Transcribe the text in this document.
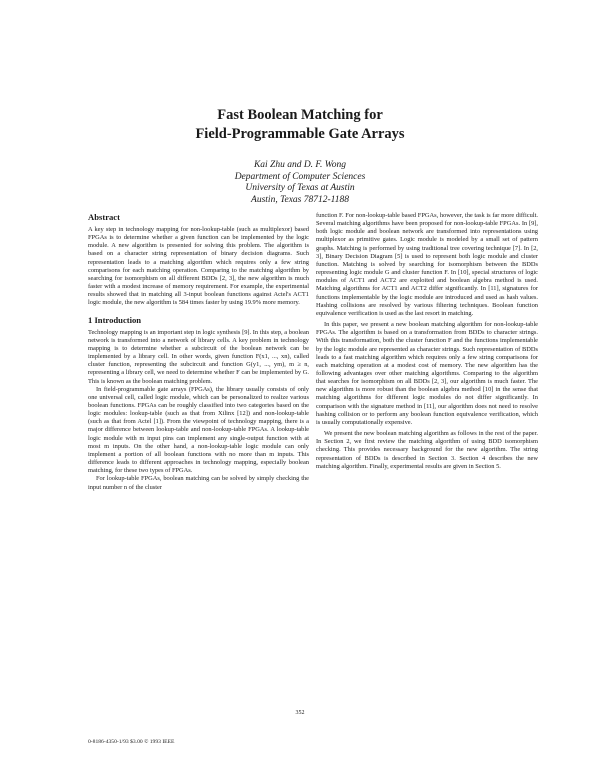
Fast Boolean Matching for
Field-Programmable Gate Arrays
Kai Zhu and D. F. Wong
Department of Computer Sciences
University of Texas at Austin
Austin, Texas 78712-1188
Abstract

A key step in technology mapping for non-lookup-table (such as multiplexor) based FPGAs is to determine whether a given function can be implemented by the logic module. A new algorithm is presented for solving this problem. The algorithm is based on a character string representation of binary decision diagrams. Such representation leads to a matching algorithm which requires only a few string comparisons for each matching operation. Comparing to the matching algorithm by searching for isomorphism on all different BDDs [2, 3], the new algorithm is much faster with a modest increase of memory requirement. For example, the experimental results showed that in matching all 3-input boolean functions against Actel's ACT1 logic module, the new algorithm is 584 times faster by using 19.9% more memory.

1 Introduction

Technology mapping is an important step in logic synthesis [9]. In this step, a boolean network is transformed into a network of library cells. A key problem in technology mapping is to determine whether a subcircuit of the boolean network can be implemented by a library cell. In other words, given function F(x1, ..., xn), called cluster function, representing the subcircuit and function G(y1, ..., ym), m ≥ n, representing a library cell, we need to determine whether F can be implemented by G. This is known as the boolean matching problem.

In field-programmable gate arrays (FPGAs), the library usually consists of only one universal cell, called logic module, which can be personalized to realize various boolean functions. FPGAs can be roughly classified into two categories based on the logic modules: lookup-table (such as that from Xilinx [12]) and non-lookup-table (such as that from Actel [1]). From the viewpoint of technology mapping, there is a major difference between lookup-table and non-lookup-table FPGAs. A lookup-table logic module with m input pins can implement any single-output function with at most m inputs. On the other hand, a non-lookup-table logic module can only implement a portion of all boolean functions with no more than m inputs. This difference leads to different approaches in technology mapping, especially boolean matching, for these two types of FPGAs.

For lookup-table FPGAs, boolean matching can be solved by simply checking the input number n of the cluster

function F. For non-lookup-table based FPGAs, however, the task is far more difficult. Several matching algorithms have been proposed for non-lookup-table FPGAs. In [9], both logic module and boolean network are transformed into representations using multiplexor as primitive gates. Logic module is modeled by a small set of pattern graphs. Matching is performed by using traditional tree covering technique [7]. In [2, 3], Binary Decision Diagram [5] is used to represent both logic module and cluster function. Matching is solved by searching for isomorphism between the BDDs representing logic module G and cluster function F. In [10], special structures of logic modules of ACT1 and ACT2 are exploited and boolean algebra method is used. Matching algorithms for ACT1 and ACT2 differ significantly. In [11], signatures for functions implementable by the logic module are introduced and used as hash values. Hashing collisions are resolved by various filtering techniques. Boolean function equivalence verification is used as the last resort in matching.

In this paper, we present a new boolean matching algorithm for non-lookup-table FPGAs. The algorithm is based on a transformation from BDDs to character strings. With this transformation, both the cluster function F and the functions implementable by the logic module are represented as character strings. Such representation of BDDs leads to a fast matching algorithm which requires only a few string comparisons for each matching operation at a modest cost of memory. The new algorithm has the following advantages over other matching algorithms. Comparing to the algorithm that searches for isomorphism on all BDDs [2, 3], our algorithm is much faster. The new algorithm is more robust than the boolean algebra method [10] in the sense that matching algorithms for different logic modules do not differ significantly. In comparison with the signature method in [11], our algorithm does not need to resolve hashing collision or to perform any boolean function equivalence verification, which is usually computationally expensive.

We present the new boolean matching algorithm as follows in the rest of the paper. In Section 2, we first review the matching algorithm of using BDD isomorphism checking. This provides necessary background for the new algorithm. The string representation of BDDs is described in Section 3. Section 4 describes the new matching algorithm. Finally, experimental results are given in Section 5.

352
0-8186-4350-1/93 $3.00 © 1993 IEEE
